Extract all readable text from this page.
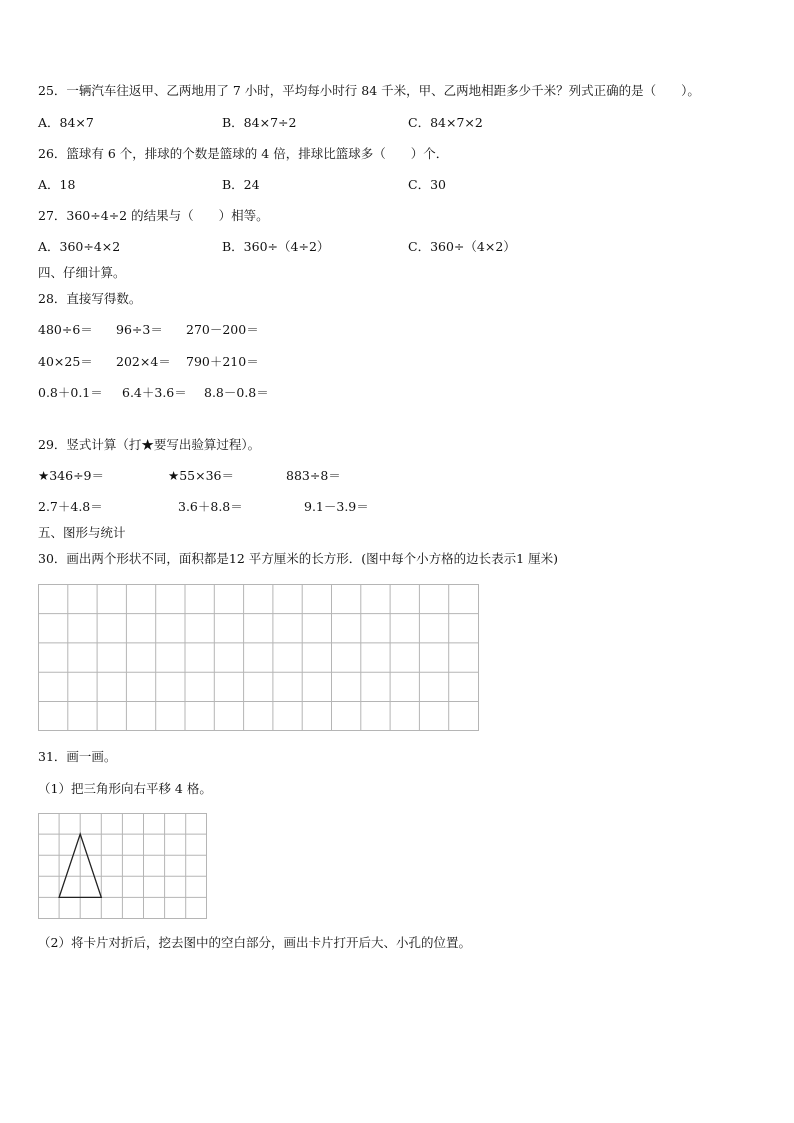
25．一辆汽车往返甲、乙两地用了 7 小时，平均每小时行 84 千米，甲、乙两地相距多少千米？列式正确的是（　　）。
A．84×7	B．84×7÷2	C．84×7×2
26．篮球有 6 个，排球的个数是篮球的 4 倍，排球比篮球多（　　）个．
A．18	B．24	C．30
27．360÷4÷2 的结果与（　　）相等。
A．360÷4×2	B．360÷（4÷2）	C．360÷（4×2）
四、仔细计算。
28．直接写得数。
480÷6＝ 96÷3＝ 270－200＝
40×25＝ 202×4＝ 790＋210＝
0.8＋0.1＝ 6.4＋3.6＝ 8.8－0.8＝
29．竖式计算（打★要写出验算过程）。
★346÷9＝	★55×36＝	883÷8＝
2.7＋4.8＝	3.6＋8.8＝	9.1－3.9＝
五、图形与统计
30．画出两个形状不同，面积都是12 平方厘米的长方形．(图中每个小方格的边长表示1 厘米)
31．画一画。
（1）把三角形向右平移 4 格。
（2）将卡片对折后，挖去图中的空白部分，画出卡片打开后大、小孔的位置。
